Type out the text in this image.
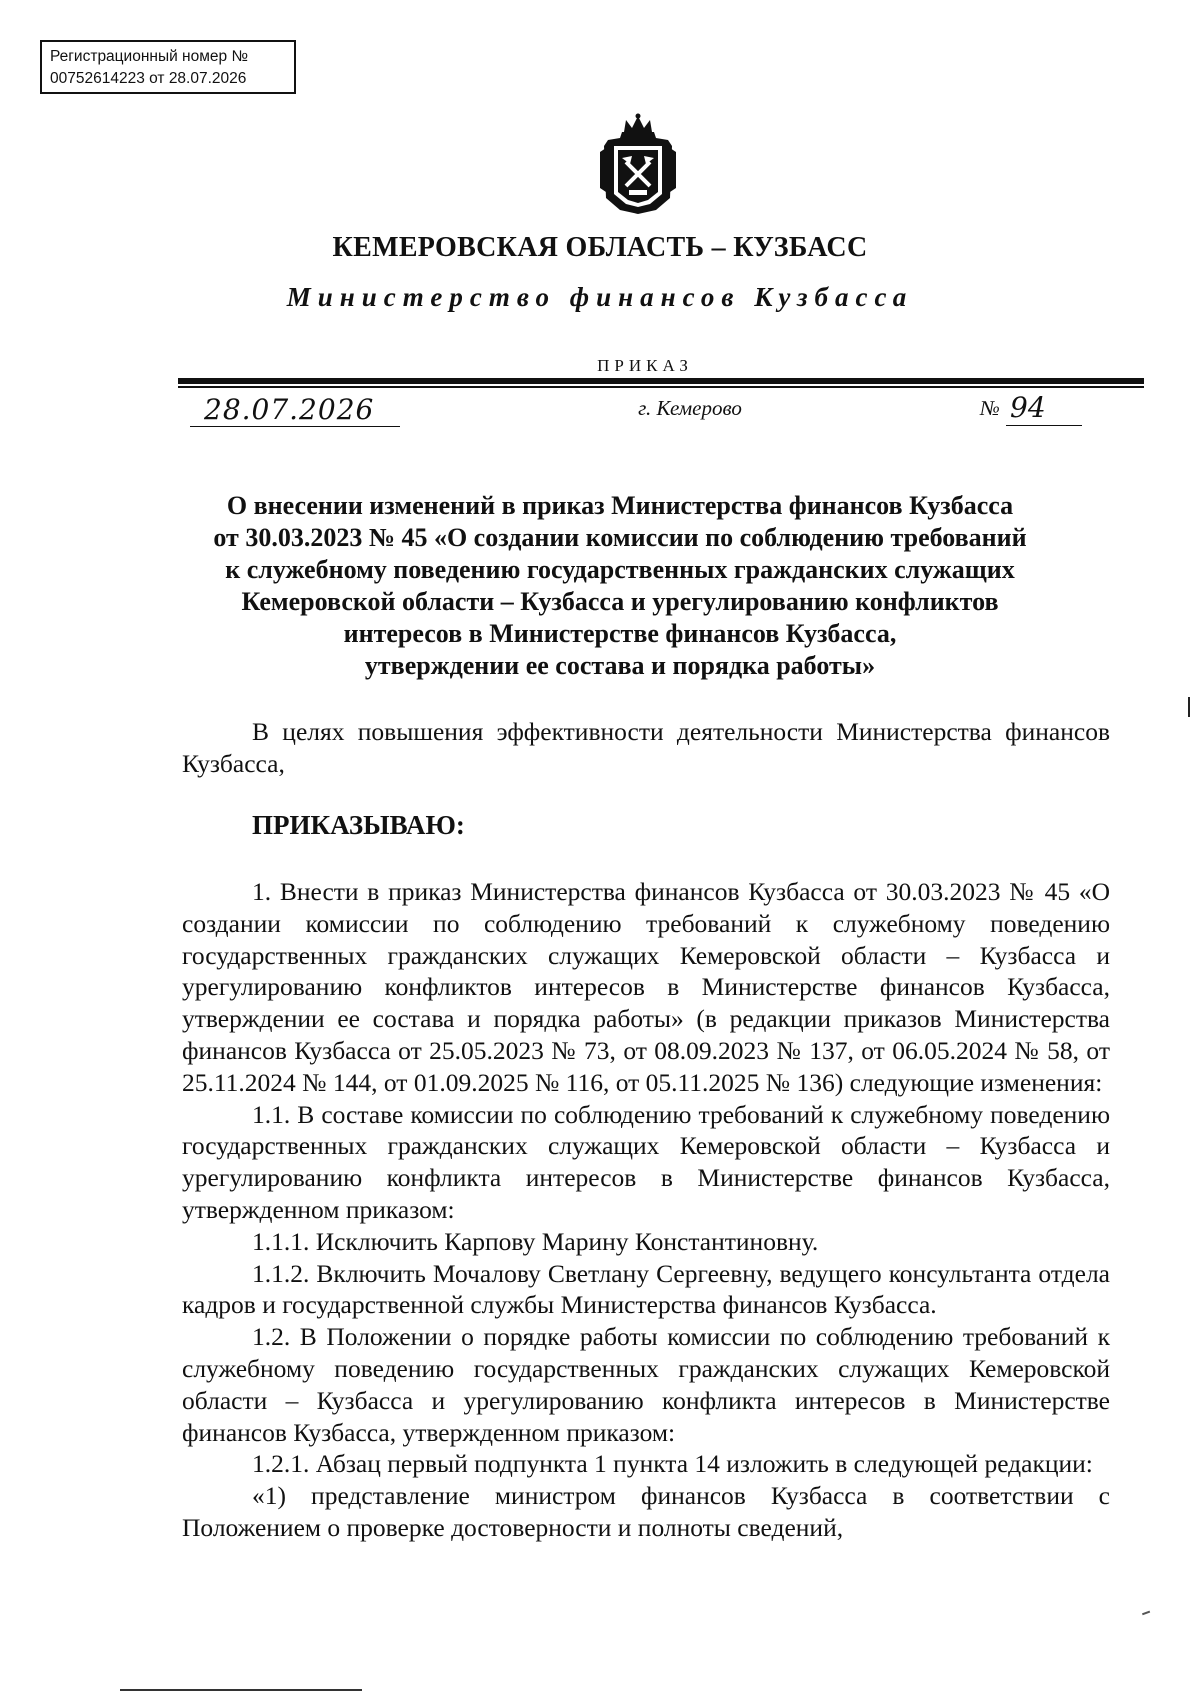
Регистрационный номер №
00752614223 от 28.07.2026
КЕМЕРОВСКАЯ ОБЛАСТЬ – КУЗБАСС
Министерство финансов Кузбасса
ПРИКАЗ
28.07.2026	г. Кемерово	№ 94
О внесении изменений в приказ Министерства финансов Кузбасса
от 30.03.2023 № 45 «О создании комиссии по соблюдению требований
к служебному поведению государственных гражданских служащих
Кемеровской области – Кузбасса и урегулированию конфликтов
интересов в Министерстве финансов Кузбасса,
утверждении ее состава и порядка работы»

В целях повышения эффективности деятельности Министерства финансов Кузбасса,

ПРИКАЗЫВАЮ:

1. Внести в приказ Министерства финансов Кузбасса от 30.03.2023 № 45 «О создании комиссии по соблюдению требований к служебному поведению государственных гражданских служащих Кемеровской области – Кузбасса и урегулированию конфликтов интересов в Министерстве финансов Кузбасса, утверждении ее состава и порядка работы» (в редакции приказов Министерства финансов Кузбасса от 25.05.2023 № 73, от 08.09.2023 № 137, от 06.05.2024 № 58, от 25.11.2024 № 144, от 01.09.2025 № 116, от 05.11.2025 № 136) следующие изменения:

1.1. В составе комиссии по соблюдению требований к служебному поведению государственных гражданских служащих Кемеровской области – Кузбасса и урегулированию конфликта интересов в Министерстве финансов Кузбасса, утвержденном приказом:

1.1.1. Исключить Карпову Марину Константиновну.

1.1.2. Включить Мочалову Светлану Сергеевну, ведущего консультанта отдела кадров и государственной службы Министерства финансов Кузбасса.

1.2. В Положении о порядке работы комиссии по соблюдению требований к служебному поведению государственных гражданских служащих Кемеровской области – Кузбасса и урегулированию конфликта интересов в Министерстве финансов Кузбасса, утвержденном приказом:

1.2.1. Абзац первый подпункта 1 пункта 14 изложить в следующей редакции:

«1) представление министром финансов Кузбасса в соответствии с Положением о проверке достоверности и полноты сведений,
